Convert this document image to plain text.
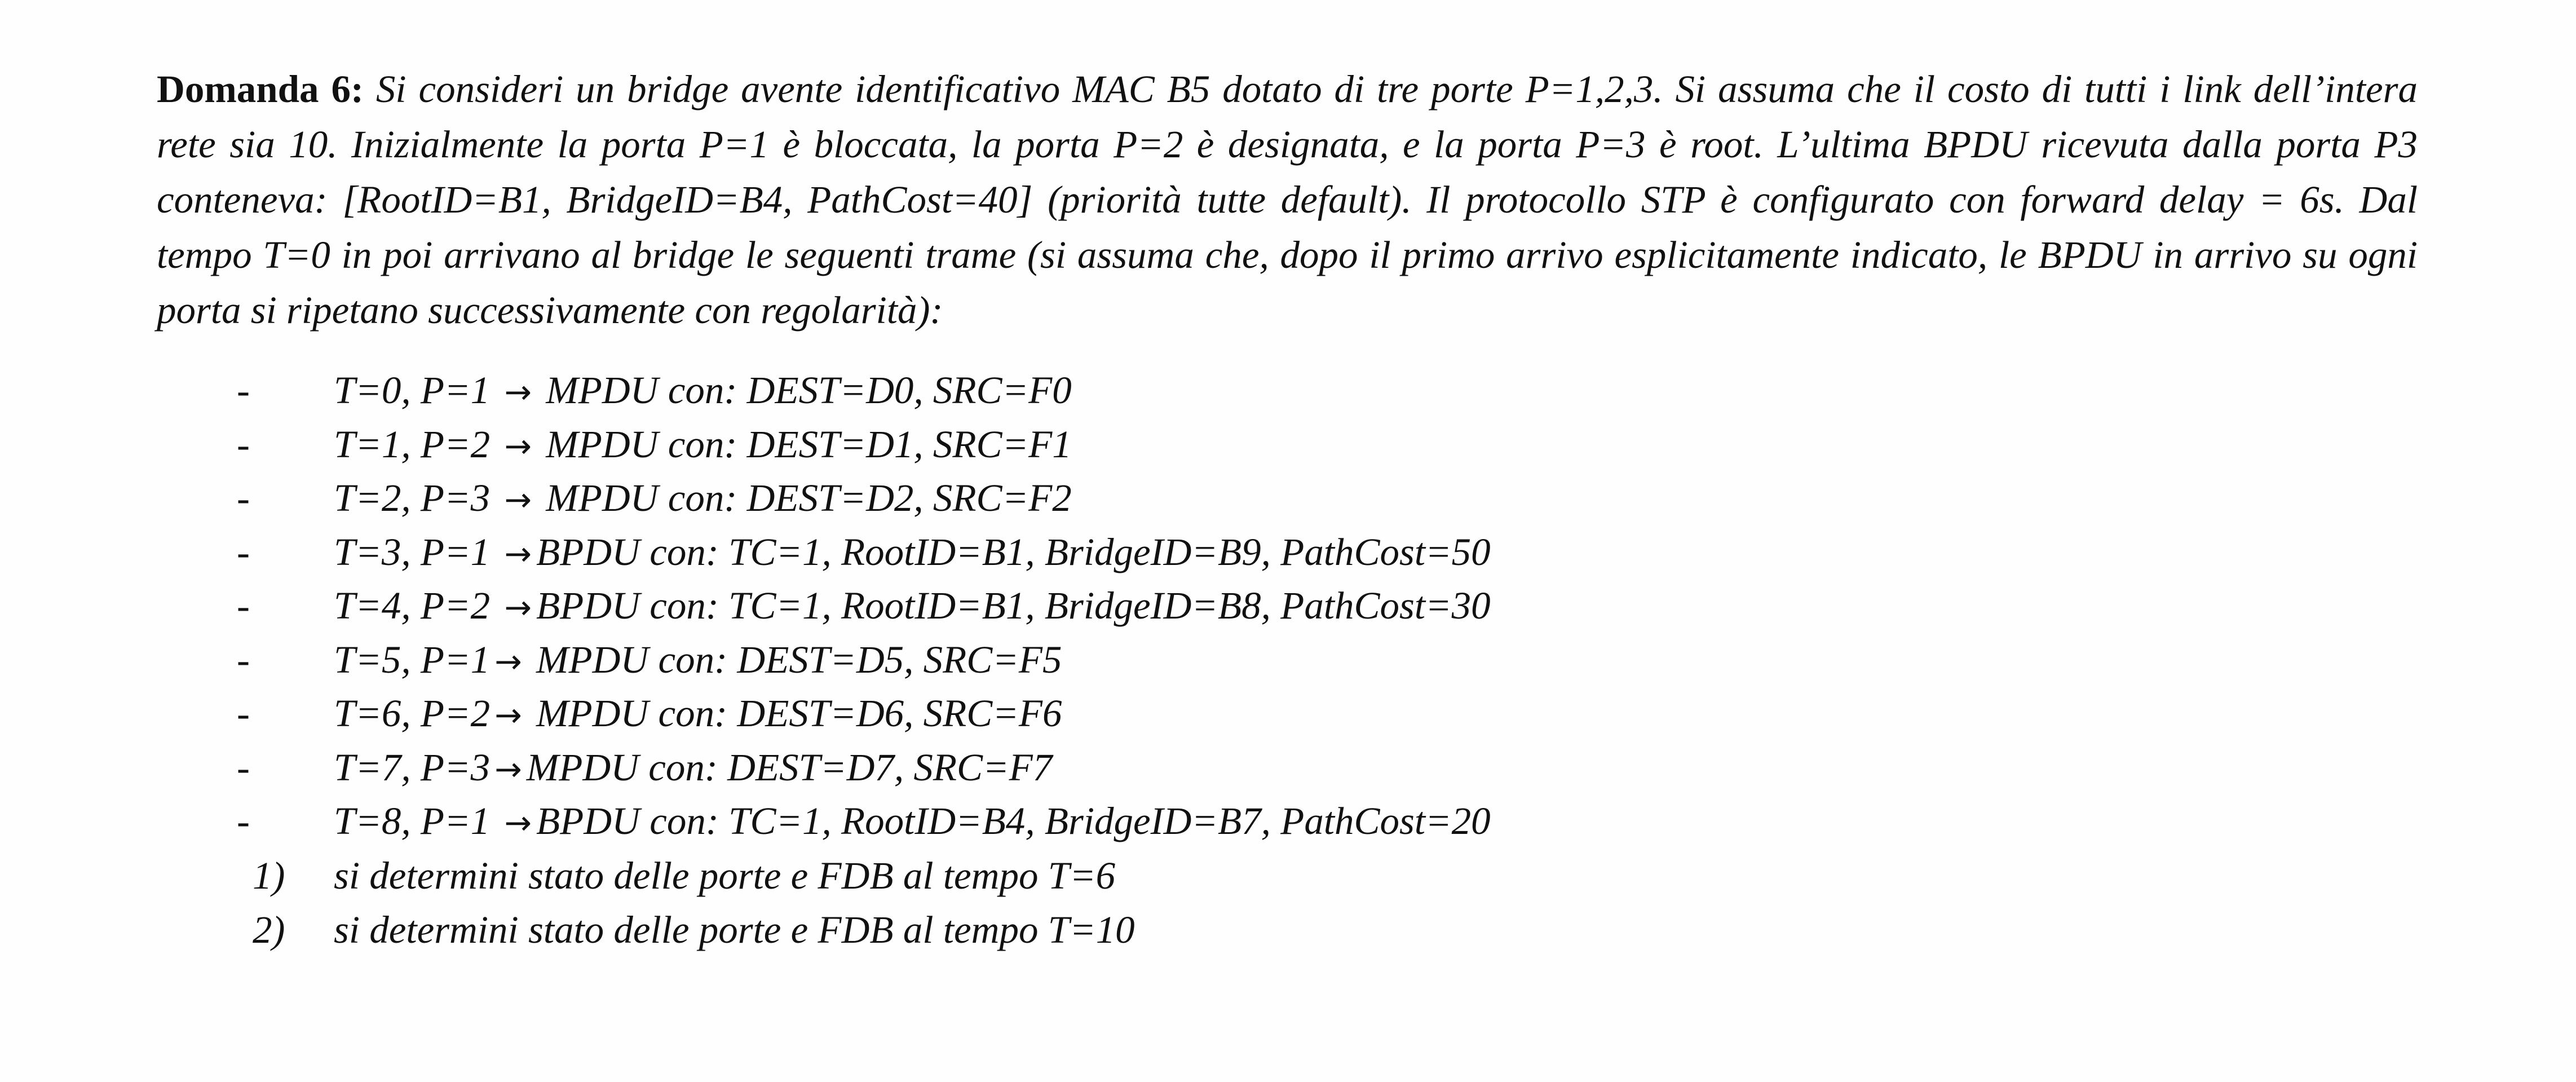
Domanda 6: Si consideri un bridge avente identificativo MAC B5 dotato di tre porte P=1,2,3. Si assuma che il costo di tutti i link dell’intera rete sia 10. Inizialmente la porta P=1 è bloccata, la porta P=2 è designata, e la porta P=3 è root. L’ultima BPDU ricevuta dalla porta P3 conteneva: [RootID=B1, BridgeID=B4, PathCost=40] (priorità tutte default). Il protocollo STP è configurato con forward delay = 6s. Dal tempo T=0 in poi arrivano al bridge le seguenti trame (si assuma che, dopo il primo arrivo esplicitamente indicato, le BPDU in arrivo su ogni porta si ripetano successivamente con regolarità):

- T=0, P=1 → MPDU con: DEST=D0, SRC=F0
- T=1, P=2 → MPDU con: DEST=D1, SRC=F1
- T=2, P=3 → MPDU con: DEST=D2, SRC=F2
- T=3, P=1 → BPDU con: TC=1, RootID=B1, BridgeID=B9, PathCost=50
- T=4, P=2 → BPDU con: TC=1, RootID=B1, BridgeID=B8, PathCost=30
- T=5, P=1 → MPDU con: DEST=D5, SRC=F5
- T=6, P=2 → MPDU con: DEST=D6, SRC=F6
- T=7, P=3 → MPDU con: DEST=D7, SRC=F7
- T=8, P=1 → BPDU con: TC=1, RootID=B4, BridgeID=B7, PathCost=20
1) si determini stato delle porte e FDB al tempo T=6
2) si determini stato delle porte e FDB al tempo T=10
